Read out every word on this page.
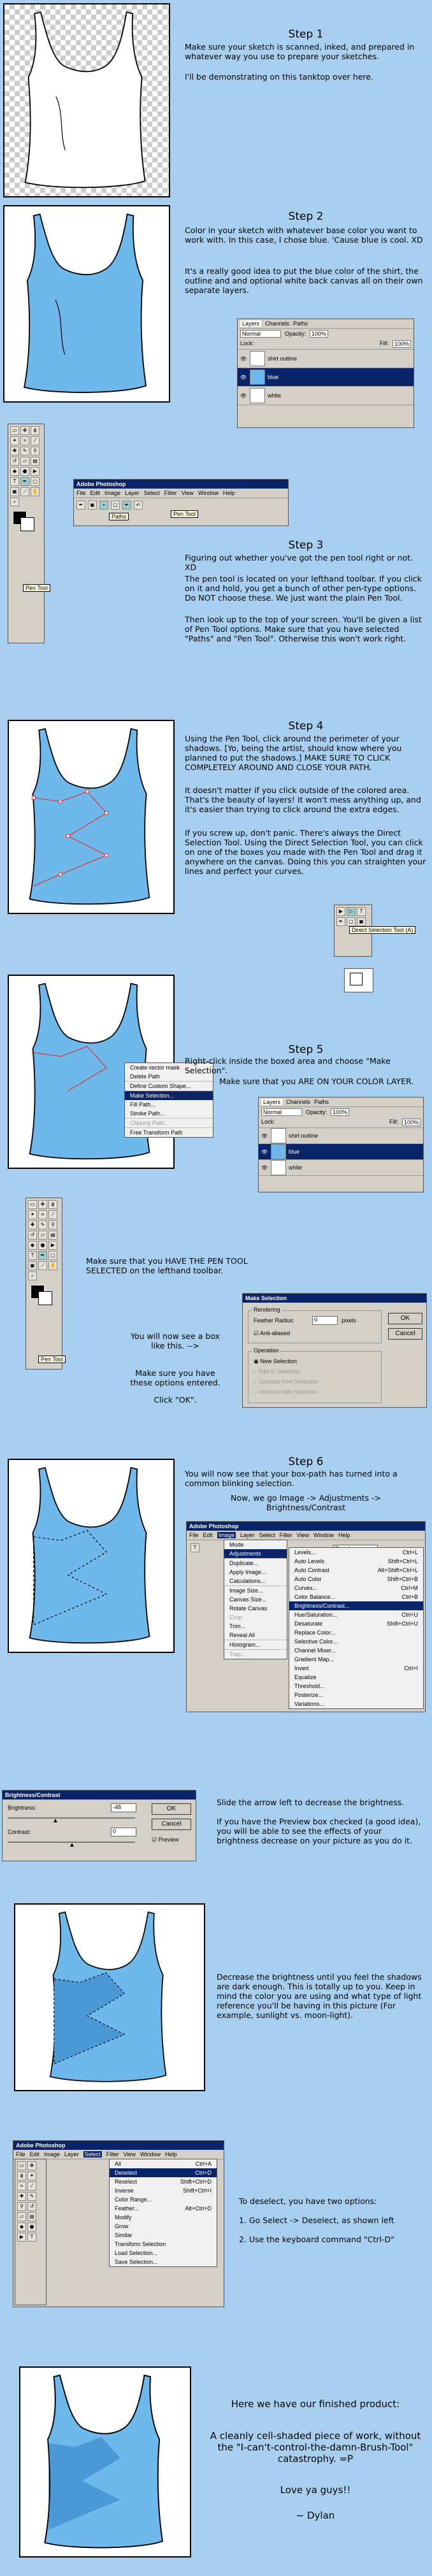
Step 1

Make sure your sketch is scanned, inked, and prepared in whatever way you use to prepare your sketches.

I'll be demonstrating on this tanktop over here.

Step 2

Color in your sketch with whatever base color you want to work with. In this case, I chose blue. 'Cause blue is cool. XD

It's a really good idea to put the blue color of the shirt, the outline and and optional white back canvas all on their own separate layers.

Layers	Channels Paths
Normal	Opacity:	100%
Lock:	Fill:	100%
👁	shirt outline
👁	blue
👁	white
▭	✥	ϕ
✦	⌗	⁄
✚	✎	⚲
↺	▱	▤
◆	●	▶
T	✒	▢
▣	⟋	✋
⌕
Pen Tool
Adobe Photoshop
File Edit Image Layer Select Filter View Window Help
✒	▣	⌁	▢	✒	✍
Paths	Pen Tool
Step 3

Figuring out whether you've got the pen tool right or not. XD

The pen tool is located on your lefthand toolbar. If you click on it and hold, you get a bunch of other pen-type options. Do NOT choose these. We just want the plain Pen Tool.

Then look up to the top of your screen. You'll be given a list of Pen Tool options. Make sure that you have selected "Paths" and "Pen Tool". Otherwise this won't work right.

Step 4

Using the Pen Tool, click around the perimeter of your shadows. [Yo, being the artist, should know where you planned to put the shadows.] MAKE SURE TO CLICK COMPLETELY AROUND AND CLOSE YOUR PATH.

It doesn't matter if you click outside of the colored area. That's the beauty of layers! It won't mess anything up, and it's easier than trying to click around the extra edges.

If you screw up, don't panic. There's always the Direct Selection Tool. Using the Direct Selection Tool, you can click on one of the boxes you made with the Pen Tool and drag it anywhere on the canvas. Doing this you can straighten your lines and perfect your curves.

▶	▷	T
✒	▢	▣
Direct Selection Tool (A)
Create vector mask
Delete Path
Define Custom Shape...
Make Selection...
Fill Path...
Stroke Path...
Clipping Path...
Free Transform Path
Step 5

Right-click inside the boxed area and choose "Make Selection".

Make sure that you ARE ON YOUR COLOR LAYER.

Layers	Channels Paths
Normal	Opacity:	100%
Lock:	Fill:	100%
👁	shirt outline
👁	blue
👁	white
▭	✥	ϕ
✦	⌗	⁄
✚	✎	⚲
↺	▱	▤
◆	●	▶
T	✒	▢
▣	⟋	✋
⌕
Pen Tool

Make sure that you HAVE THE PEN TOOL SELECTED on the lefthand toolbar.

You will now see a box like this. -->

Make sure you have these options entered.

Click "OK".

Make Selection
Rendering
Feather Radius:	0	pixels
☑ Anti-aliased
Operation
◉ New Selection
○ Add to Selection
○ Subtract from Selection
○ Intersect with Selection
OK
Cancel
Step 6

You will now see that your box-path has turned into a common blinking selection.

Now, we go Image -> Adjustments -> Brightness/Contrast

Adobe Photoshop
File Edit Image Layer Select Filter View Window Help
T	Mode
Adjustments
Duplicate...
Apply Image...
Calculations...
Image Size...
Canvas Size...
Rotate Canvas
Crop
Trim...
Reveal All
Histogram...
Trap...
Levels...	Ctrl+L
Auto Levels	Shift+Ctrl+L
Auto Contrast	Alt+Shift+Ctrl+L
Auto Color	Shift+Ctrl+B
Curves...	Ctrl+M
Color Balance...	Ctrl+B
Brightness/Contrast...
Hue/Saturation...	Ctrl+U
Desaturate	Shift+Ctrl+U
Replace Color...
Selective Color...
Channel Mixer...
Gradient Map...
Invert	Ctrl+I
Equalize
Threshold...
Posterize...
Variations...
Brightness/Contrast
Brightness:	-48
▲
Contrast:	0
▲
OK
Cancel
☑ Preview

Slide the arrow left to decrease the brightness.

If you have the Preview box checked (a good idea), you will be able to see the effects of your brightness decrease on your picture as you do it.

Decrease the brightness until you feel the shadows are dark enough. This is totally up to you. Keep in mind the color you are using and what type of light reference you'll be having in this picture (For example, sunlight vs. moon-light).

Adobe Photoshop
File Edit Image Layer Select Filter View Window Help
▭	✥
ϕ	✦
⌗	⁄
✚	✎
⚲	↺
▱	▤
◆	●
▶	T
All	Ctrl+A
Deselect	Ctrl+D
Reselect	Shift+Ctrl+D
Inverse	Shift+Ctrl+I
Color Range...
Feather...	Alt+Ctrl+D
Modify
Grow
Similar
Transform Selection
Load Selection...
Save Selection...

To deselect, you have two options:

1. Go Select -> Deselect, as shown left

2. Use the keyboard command "Ctrl-D"

Here we have our finished product:

A cleanly cell-shaded piece of work, without the "I-can't-control-the-damn-Brush-Tool" catastrophy. =P

Love ya guys!!

~ Dylan
